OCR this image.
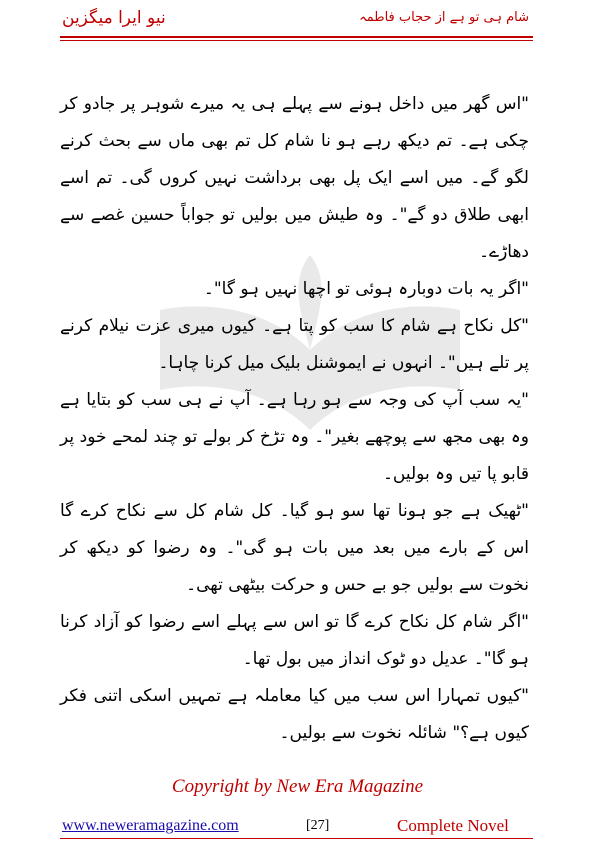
نیو ایرا میگزین	شام ہی تو ہے از حجاب فاطمہ

"اس گھر میں داخل ہونے سے پہلے ہی یہ میرے شوہر پر جادو کر چکی ہے۔ تم دیکھ رہے ہو نا شام کل تم بھی ماں سے بحث کرنے لگو گے۔ میں اسے ایک پل بھی برداشت نہیں کروں گی۔ تم اسے ابھی طلاق دو گے"۔ وہ طیش میں بولیں تو جواباً حسین غصے سے دھاڑے۔

"اگر یہ بات دوبارہ ہوئی تو اچھا نہیں ہو گا"۔

"کل نکاح ہے شام کا سب کو پتا ہے۔ کیوں میری عزت نیلام کرنے پر تلے ہیں"۔ انہوں نے ایموشنل بلیک میل کرنا چاہا۔

"یہ سب آپ کی وجہ سے ہو رہا ہے۔ آپ نے ہی سب کو بتایا ہے وہ بھی مجھ سے پوچھے بغیر"۔ وہ تڑخ کر بولے تو چند لمحے خود پر قابو پا تیں وہ بولیں۔

"ٹھیک ہے جو ہونا تھا سو ہو گیا۔ کل شام کل سے نکاح کرے گا اس کے بارے میں بعد میں بات ہو گی"۔ وہ رضوا کو دیکھ کر نخوت سے بولیں جو بے حس و حرکت بیٹھی تھی۔

"اگر شام کل نکاح کرے گا تو اس سے پہلے اسے رضوا کو آزاد کرنا ہو گا"۔ عدیل دو ٹوک انداز میں بول تھا۔

"کیوں تمہارا اس سب میں کیا معاملہ ہے تمہیں اسکی اتنی فکر کیوں ہے؟" شائلہ نخوت سے بولیں۔

Copyright by New Era Magazine
www.neweramagazine.com	[27]	Complete Novel
